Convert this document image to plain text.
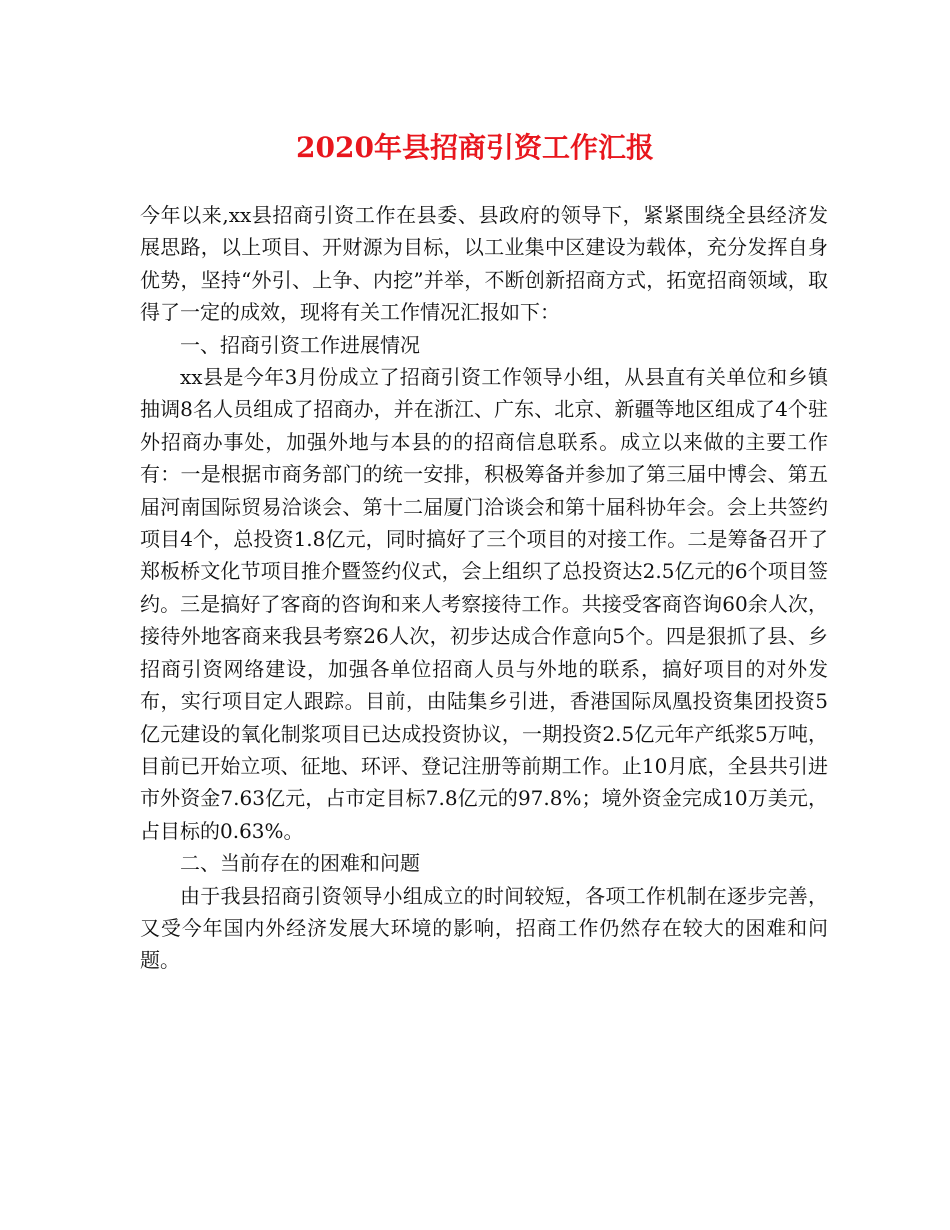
2020年县招商引资工作汇报

今年以来,xx县招商引资工作在县委、县政府的领导下，紧紧围绕全县经济发展思路，以上项目、开财源为目标，以工业集中区建设为载体，充分发挥自身优势，坚持“外引、上争、内挖”并举，不断创新招商方式，拓宽招商领域，取得了一定的成效，现将有关工作情况汇报如下：

一、招商引资工作进展情况

xx县是今年3月份成立了招商引资工作领导小组，从县直有关单位和乡镇抽调8名人员组成了招商办，并在浙江、广东、北京、新疆等地区组成了4个驻外招商办事处，加强外地与本县的的招商信息联系。成立以来做的主要工作有：一是根据市商务部门的统一安排，积极筹备并参加了第三届中博会、第五届河南国际贸易洽谈会、第十二届厦门洽谈会和第十届科协年会。会上共签约项目4个，总投资1.8亿元，同时搞好了三个项目的对接工作。二是筹备召开了郑板桥文化节项目推介暨签约仪式，会上组织了总投资达2.5亿元的6个项目签约。三是搞好了客商的咨询和来人考察接待工作。共接受客商咨询60余人次，接待外地客商来我县考察26人次，初步达成合作意向5个。四是狠抓了县、乡招商引资网络建设，加强各单位招商人员与外地的联系，搞好项目的对外发布，实行项目定人跟踪。目前，由陆集乡引进，香港国际凤凰投资集团投资5亿元建设的氧化制浆项目已达成投资协议，一期投资2.5亿元年产纸浆5万吨，目前已开始立项、征地、环评、登记注册等前期工作。止10月底，全县共引进市外资金7.63亿元，占市定目标7.8亿元的97.8%；境外资金完成10万美元，占目标的0.63%。

二、当前存在的困难和问题

由于我县招商引资领导小组成立的时间较短，各项工作机制在逐步完善，又受今年国内外经济发展大环境的影响，招商工作仍然存在较大的困难和问题。
